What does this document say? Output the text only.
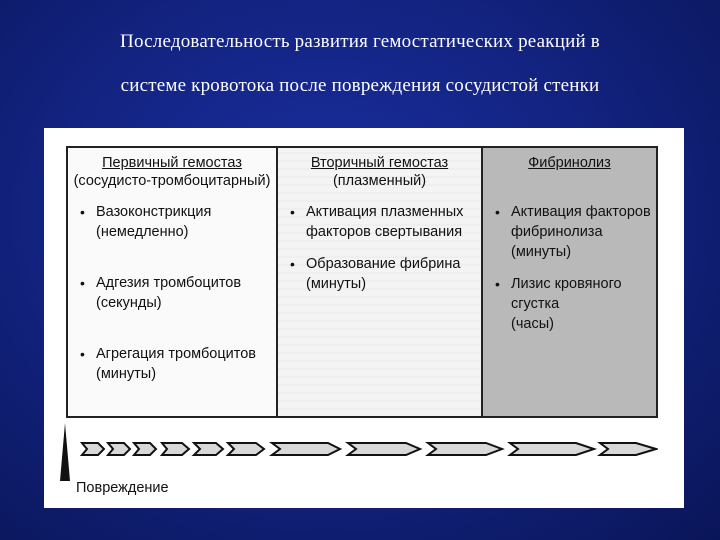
Последовательность развития гемостатических реакций в
системе кровотока после повреждения сосудистой стенки
Первичный гемостаз
(сосудисто-тромбоцитарный)
• Вазоконстрикция
(немедленно)
• Адгезия тромбоцитов
(секунды)
• Агрегация тромбоцитов
(минуты)
Вторичный гемостаз
(плазменный)
• Активация плазменных
факторов свертывания
• Образование фибрина
(минуты)
Фибринолиз
• Активация факторов
фибринолиза
(минуты)
• Лизис кровяного
сгустка
(часы)
Повреждение
